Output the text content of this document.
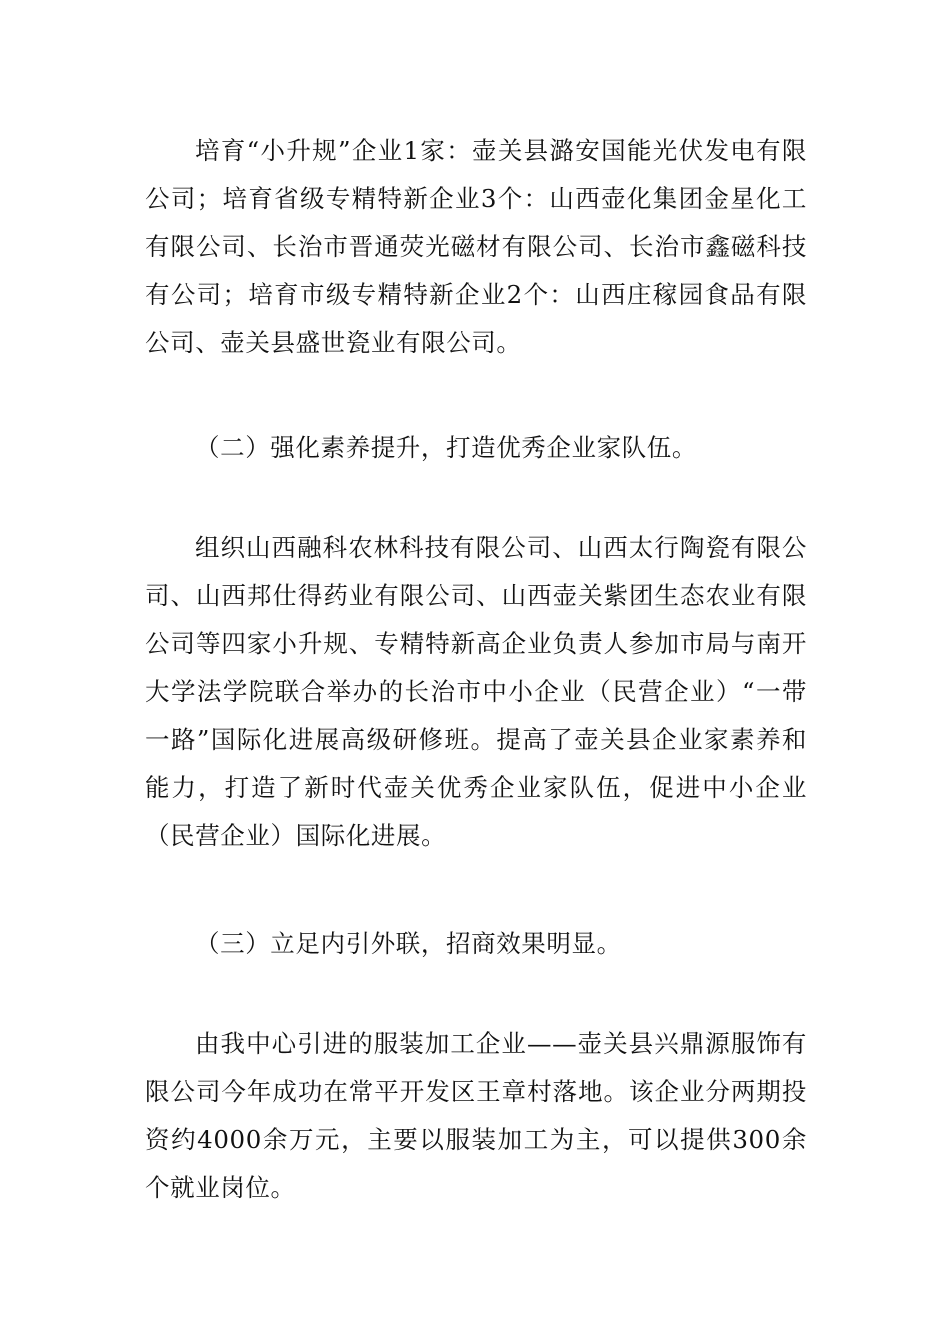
培育“小升规”企业1家：壶关县潞安国能光伏发电有限公司；培育省级专精特新企业3个：山西壶化集团金星化工有限公司、长治市晋通荧光磁材有限公司、长治市鑫磁科技有公司；培育市级专精特新企业2个：山西庄稼园食品有限公司、壶关县盛世瓷业有限公司。

（二）强化素养提升，打造优秀企业家队伍。

组织山西融科农林科技有限公司、山西太行陶瓷有限公司、山西邦仕得药业有限公司、山西壶关紫团生态农业有限公司等四家小升规、专精特新高企业负责人参加市局与南开大学法学院联合举办的长治市中小企业（民营企业）“一带一路”国际化进展高级研修班。提高了壶关县企业家素养和能力，打造了新时代壶关优秀企业家队伍，促进中小企业（民营企业）国际化进展。

（三）立足内引外联，招商效果明显。

由我中心引进的服装加工企业——壶关县兴鼎源服饰有限公司今年成功在常平开发区王章村落地。该企业分两期投资约4000余万元，主要以服装加工为主，可以提供300余个就业岗位。
